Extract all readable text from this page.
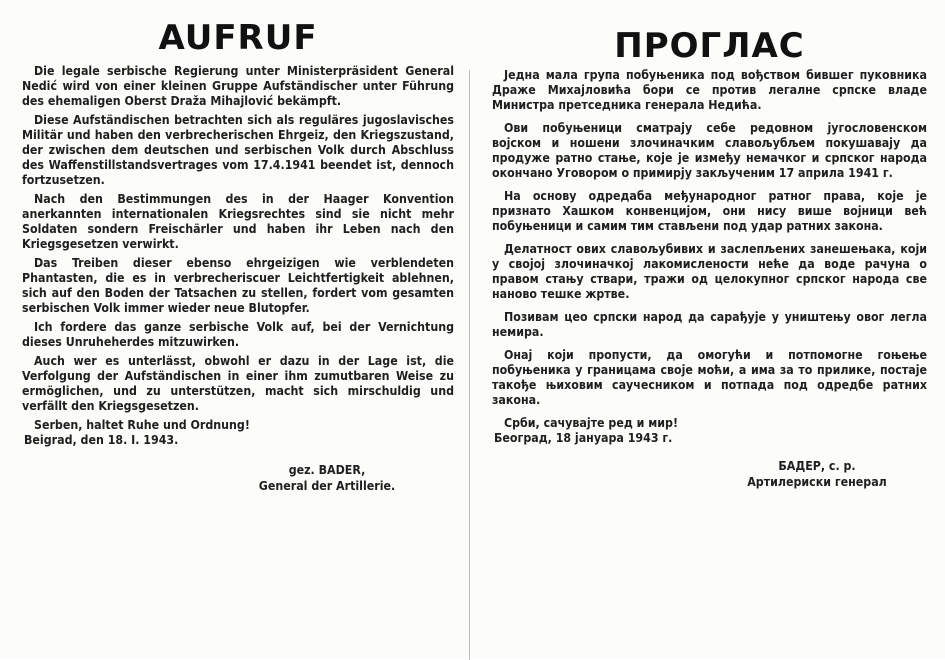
AUFRUF

Die legale serbische Regierung unter Ministerpräsident General Nedić wird von einer kleinen Gruppe Aufständischer unter Führung des ehemaligen Oberst Draža Mihajlović bekämpft.

Diese Aufständischen betrachten sich als reguläres jugoslavisches Militär und haben den verbrecherischen Ehrgeiz, den Kriegszustand, der zwischen dem deutschen und serbischen Volk durch Abschluss des Waffenstillstandsvertrages vom 17.4.1941 beendet ist, dennoch fortzusetzen.

Nach den Bestimmungen des in der Haager Konvention anerkannten internationalen Kriegsrechtes sind sie nicht mehr Soldaten sondern Freischärler und haben ihr Leben nach den Kriegsgesetzen verwirkt.

Das Treiben dieser ebenso ehrgeizigen wie verblendeten Phantasten, die es in verbrecheriscuer Leichtfertigkeit ablehnen, sich auf den Boden der Tatsachen zu stellen, fordert vom gesamten serbischen Volk immer wieder neue Blutopfer.

Ich fordere das ganze serbische Volk auf, bei der Vernichtung dieses Unruheherdes mitzuwirken.

Auch wer es unterlässt, obwohl er dazu in der Lage ist, die Verfolgung der Aufständischen in einer ihm zumutbaren Weise zu ermöglichen, und zu unterstützen, macht sich mirschuldig und verfällt den Kriegsgesetzen.

Serben, haltet Ruhe und Ordnung!

Beigrad, den 18. I. 1943.

gez. BADER,
General der Artillerie.
ПРОГЛАС

Једна мала група побуњеника под вођством бившег пуковника Драже Михаjловића бори се против легалне српске владе Министра претседника генерала Недића.

Ови побуњеници сматрају себе редовном југословенском војском и ношени злочиначким славољубљем покушавају да продуже ратно стање, које је између немачког и српског народа окончано Уговором о примирју закљученим 17 априла 1941 г.

На основу одредаба међународног ратног права, које је признато Хашком конвенцијом, они нису више војници већ побуњеници и самим тим стављени под удар ратних закона.

Делатност ових славољубивих и заслепљених занешењака, који у својој злочиначкој лакомислености неће да воде рачуна о правом стању ствари, тражи од целокупног српског народа све наново тешке жртве.

Позивам цео српски народ да сарађује у уништењу овог легла немира.

Онај који пропусти, да омогући и потпомогне гоњење побуњеника у границама своје моћи, а има за то прилике, постаје такође њиховим саучесником и потпада под одредбе ратних закона.

Срби, сачувајте ред и мир!

Београд, 18 јануара 1943 г.

БАДЕР, с. р.
Артилериски генерал
